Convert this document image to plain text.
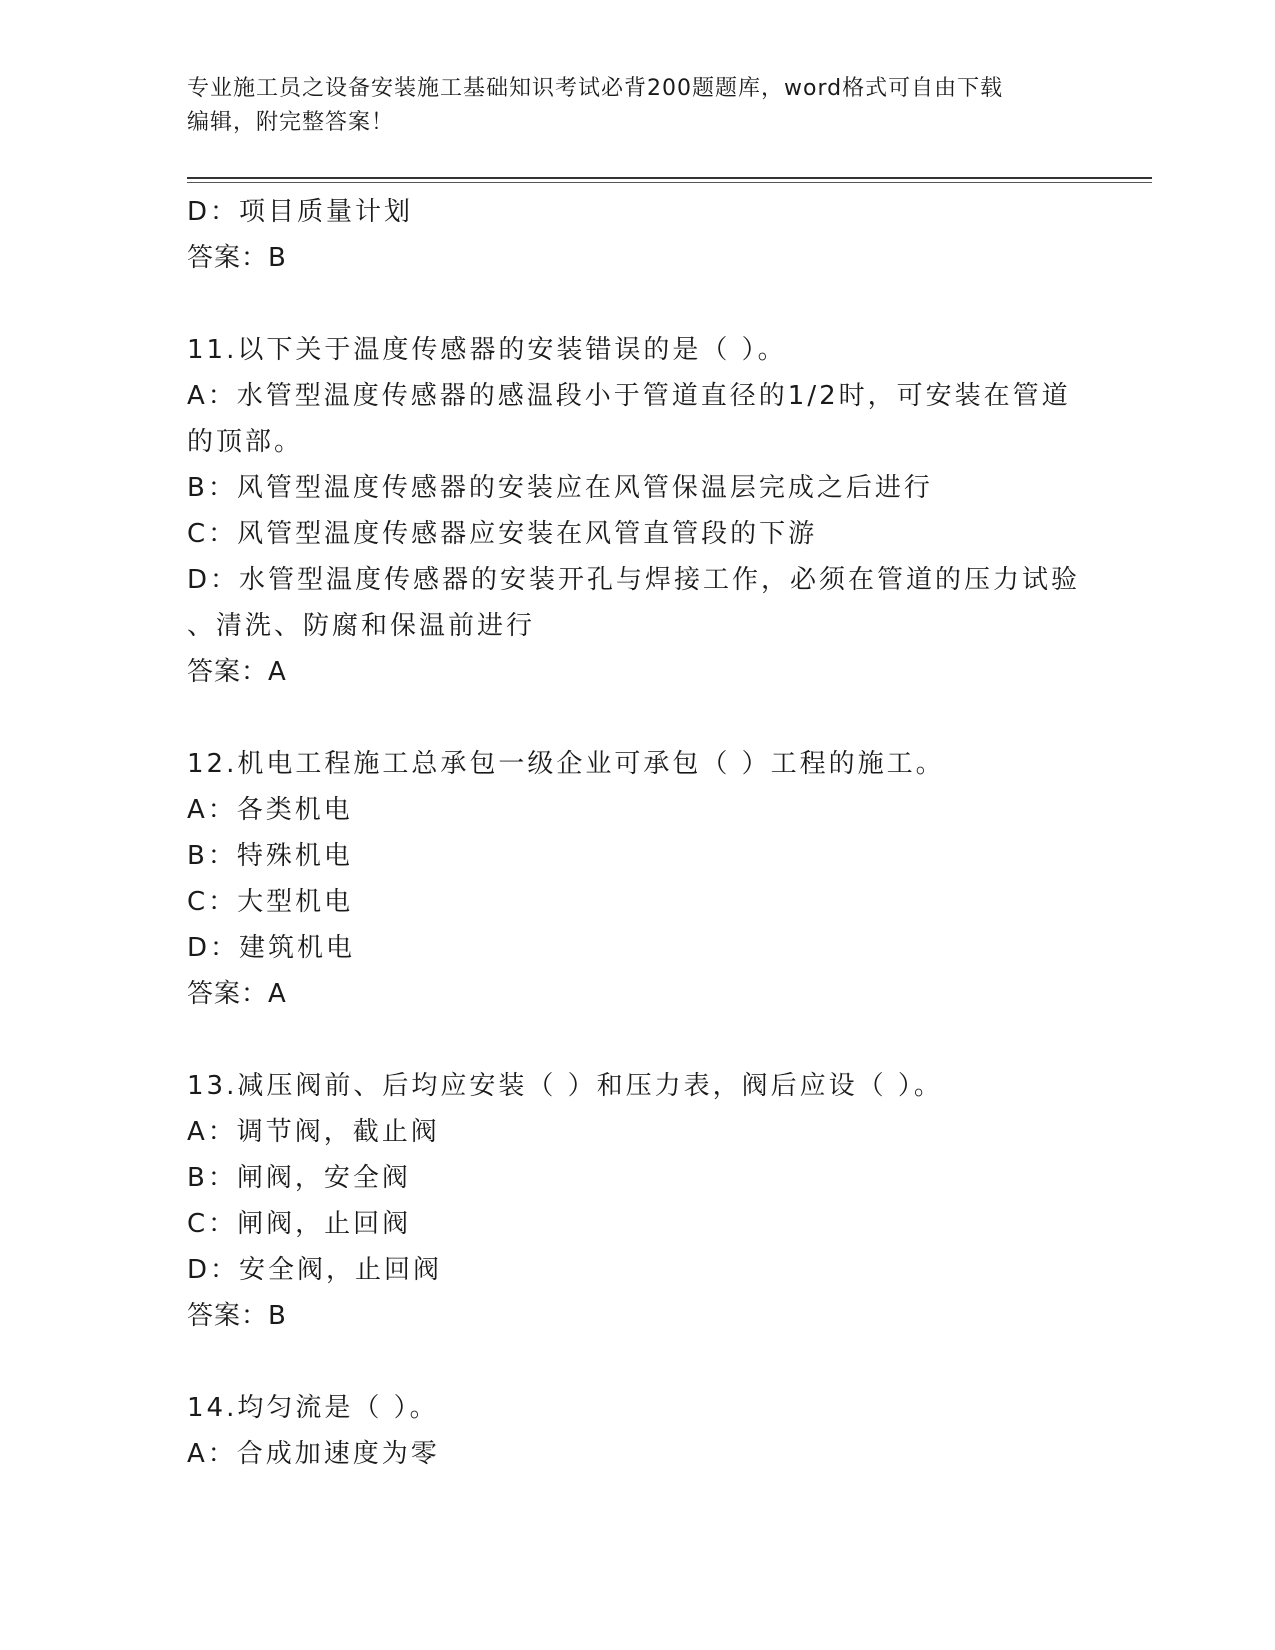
专业施工员之设备安装施工基础知识考试必背200题题库，word格式可自由下载
编辑，附完整答案！
D：项目质量计划
答案：B
11.以下关于温度传感器的安装错误的是（ ）。
A：水管型温度传感器的感温段小于管道直径的1/2时，可安装在管道
的顶部。
B：风管型温度传感器的安装应在风管保温层完成之后进行
C：风管型温度传感器应安装在风管直管段的下游
D：水管型温度传感器的安装开孔与焊接工作，必须在管道的压力试验
、清洗、防腐和保温前进行
答案：A
12.机电工程施工总承包一级企业可承包（ ）工程的施工。
A：各类机电
B：特殊机电
C：大型机电
D：建筑机电
答案：A
13.减压阀前、后均应安装（ ）和压力表，阀后应设（ ）。
A：调节阀，截止阀
B：闸阀，安全阀
C：闸阀，止回阀
D：安全阀，止回阀
答案：B
14.均匀流是（ ）。
A：合成加速度为零
